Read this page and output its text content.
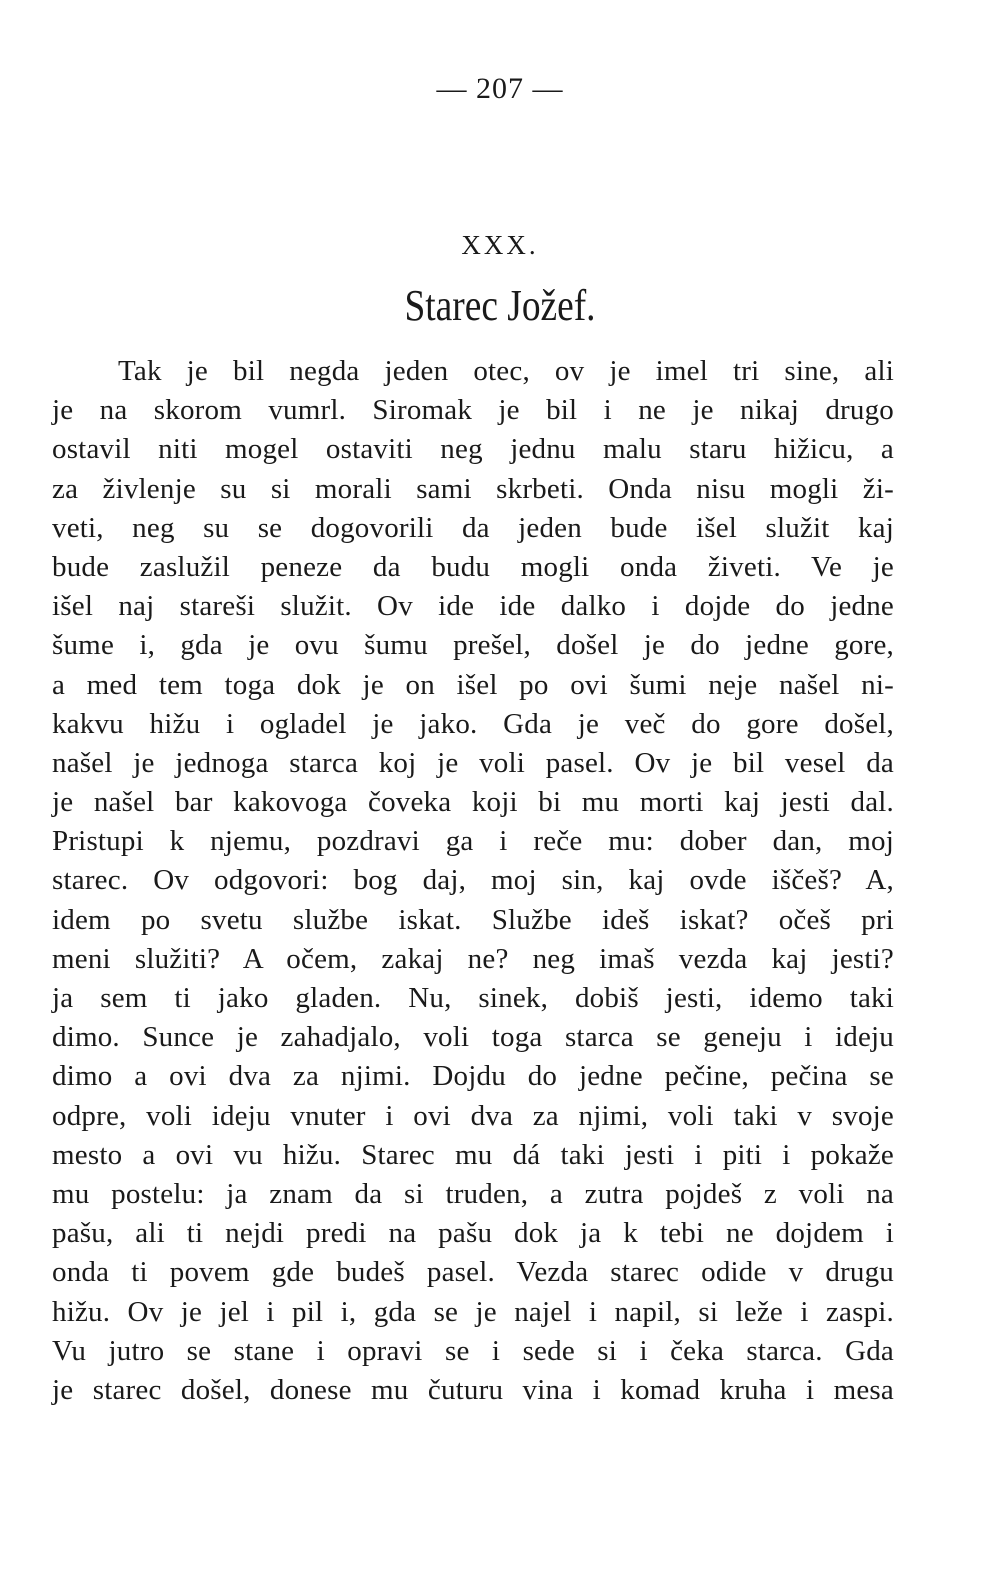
— 207 —
XXX.
Starec Jožef.
Tak je bil negda jeden otec, ov je imel tri sine, ali
je na skorom vumrl. Siromak je bil i ne je nikaj drugo
ostavil niti mogel ostaviti neg jednu malu staru hižicu, a
za živlenje su si morali sami skrbeti. Onda nisu mogli ži-
veti, neg su se dogovorili da jeden bude išel služit kaj
bude zaslužil peneze da budu mogli onda živeti. Ve je
išel naj stareši služit. Ov ide ide dalko i dojde do jedne
šume i, gda je ovu šumu prešel, došel je do jedne gore,
a med tem toga dok je on išel po ovi šumi neje našel ni-
kakvu hižu i ogladel je jako. Gda je več do gore došel,
našel je jednoga starca koj je voli pasel. Ov je bil vesel da
je našel bar kakovoga čoveka koji bi mu morti kaj jesti dal.
Pristupi k njemu, pozdravi ga i reče mu: dober dan, moj
starec. Ov odgovori: bog daj, moj sin, kaj ovde iščeš? A,
idem po svetu službe iskat. Službe ideš iskat? očeš pri
meni služiti? A očem, zakaj ne? neg imaš vezda kaj jesti?
ja sem ti jako gladen. Nu, sinek, dobiš jesti, idemo taki
dimo. Sunce je zahadjalo, voli toga starca se geneju i ideju
dimo a ovi dva za njimi. Dojdu do jedne pečine, pečina se
odpre, voli ideju vnuter i ovi dva za njimi, voli taki v svoje
mesto a ovi vu hižu. Starec mu dá taki jesti i piti i pokaže
mu postelu: ja znam da si truden, a zutra pojdeš z voli na
pašu, ali ti nejdi predi na pašu dok ja k tebi ne dojdem i
onda ti povem gde budeš pasel. Vezda starec odide v drugu
hižu. Ov je jel i pil i, gda se je najel i napil, si leže i zaspi.
Vu jutro se stane i opravi se i sede si i čeka starca. Gda
je starec došel, donese mu čuturu vina i komad kruha i mesa
